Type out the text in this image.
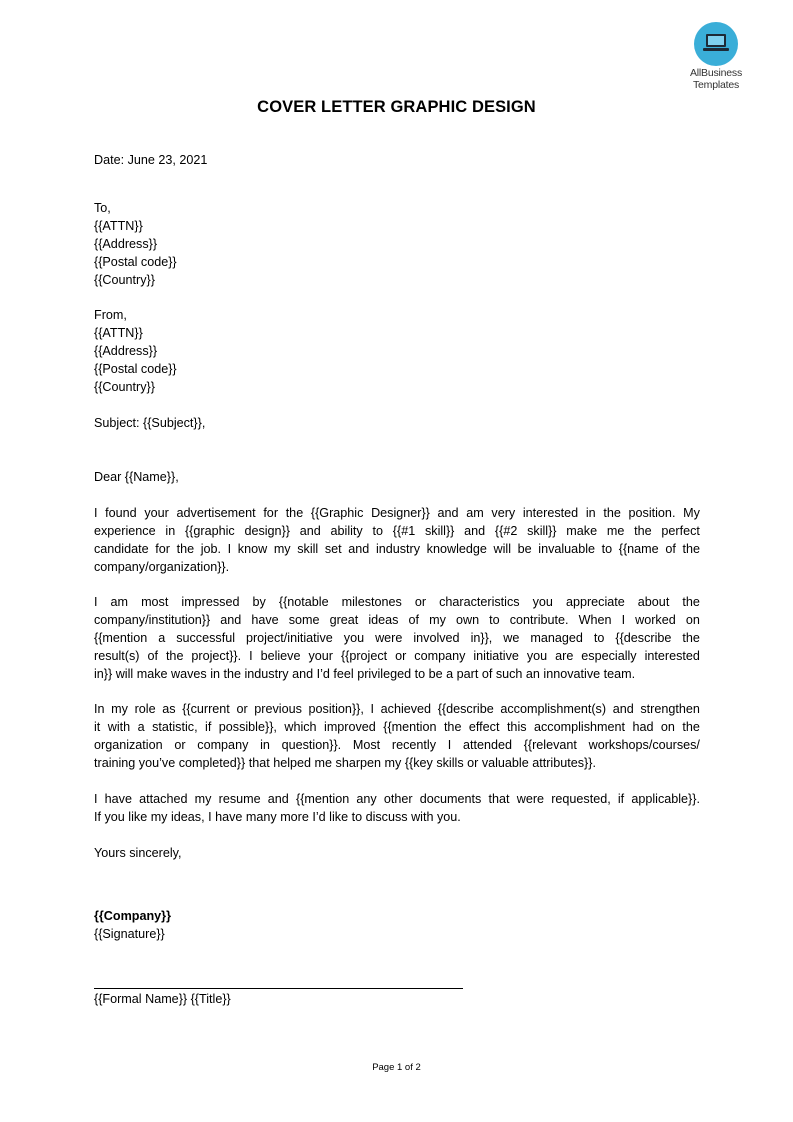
AllBusiness
Templates
COVER LETTER GRAPHIC DESIGN
Date: June 23, 2021
To,
{{ATTN}}
{{Address}}
{{Postal code}}
{{Country}}
From,
{{ATTN}}
{{Address}}
{{Postal code}}
{{Country}}
Subject: {{Subject}},
Dear {{Name}},
I found your advertisement for the {{Graphic Designer}} and am very interested in the position. My
experience in {{graphic design}} and ability to {{#1 skill}} and {{#2 skill}} make me the perfect
candidate for the job. I know my skill set and industry knowledge will be invaluable to {{name of the
company/organization}}.
I am most impressed by {{notable milestones or characteristics you appreciate about the
company/institution}} and have some great ideas of my own to contribute. When I worked on
{{mention a successful project/initiative you were involved in}}, we managed to {{describe the
result(s) of the project}}. I believe your {{project or company initiative you are especially interested
in}} will make waves in the industry and I’d feel privileged to be a part of such an innovative team.
In my role as {{current or previous position}}, I achieved {{describe accomplishment(s) and strengthen
it with a statistic, if possible}}, which improved {{mention the effect this accomplishment had on the
organization or company in question}}. Most recently I attended {{relevant workshops/courses/
training you’ve completed}} that helped me sharpen my {{key skills or valuable attributes}}.
I have attached my resume and {{mention any other documents that were requested, if applicable}}.
If you like my ideas, I have many more I’d like to discuss with you.
Yours sincerely,
{{Company}}
{{Signature}}
{{Formal Name}} {{Title}}
Page 1 of 2
